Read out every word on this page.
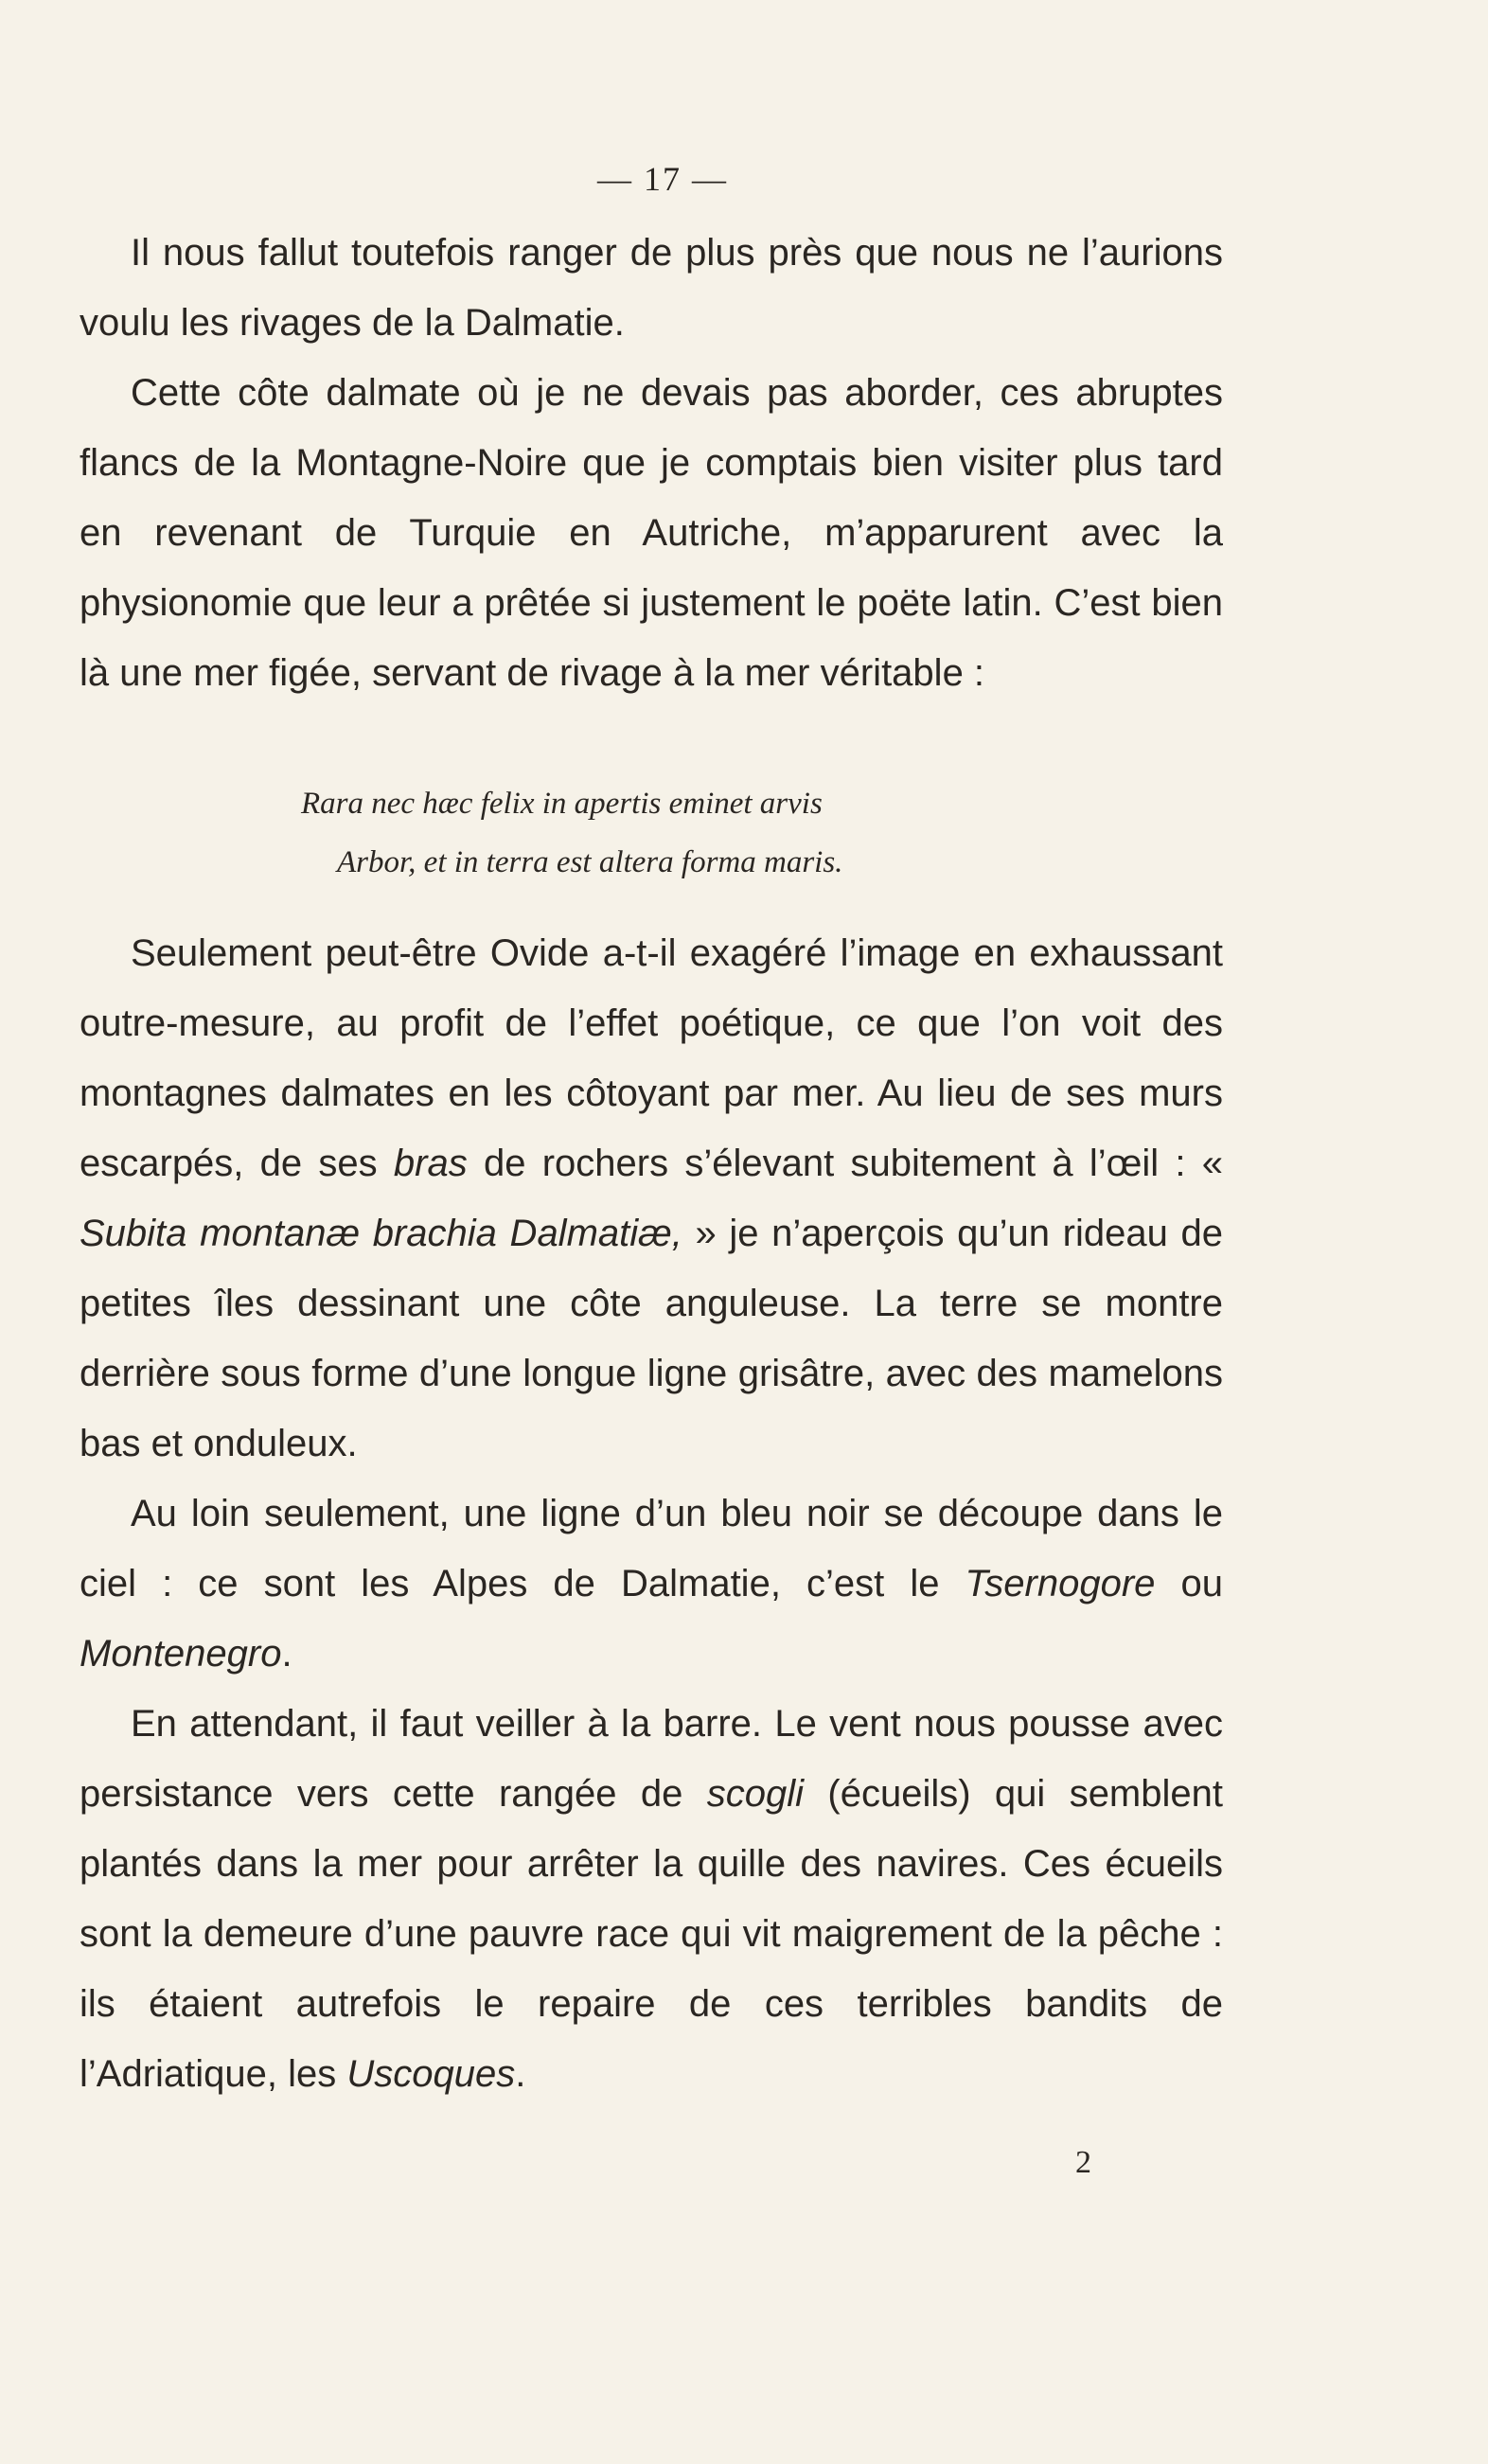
— 17 —

Il nous fallut toutefois ranger de plus près que nous ne l’aurions voulu les rivages de la Dalmatie.

Cette côte dalmate où je ne devais pas aborder, ces abruptes flancs de la Montagne-Noire que je comptais bien visiter plus tard en revenant de Turquie en Autriche, m’apparurent avec la physionomie que leur a prêtée si justement le poëte latin. C’est bien là une mer figée, servant de rivage à la mer véritable :

Rara nec hæc felix in apertis eminet arvis
Arbor, et in terra est altera forma maris.

Seulement peut-être Ovide a-t-il exagéré l’image en exhaussant outre-mesure, au profit de l’effet poétique, ce que l’on voit des montagnes dalmates en les côtoyant par mer. Au lieu de ses murs escarpés, de ses bras de rochers s’élevant subitement à l’œil : « Subita montanæ brachia Dalmatiæ, » je n’aperçois qu’un rideau de petites îles dessinant une côte anguleuse. La terre se montre derrière sous forme d’une longue ligne grisâtre, avec des mamelons bas et onduleux.

Au loin seulement, une ligne d’un bleu noir se découpe dans le ciel : ce sont les Alpes de Dalmatie, c’est le Tsernogore ou Montenegro.

En attendant, il faut veiller à la barre. Le vent nous pousse avec persistance vers cette rangée de scogli (écueils) qui semblent plantés dans la mer pour arrêter la quille des navires. Ces écueils sont la demeure d’une pauvre race qui vit maigrement de la pêche : ils étaient autrefois le repaire de ces terribles bandits de l’Adriatique, les Uscoques.

2
